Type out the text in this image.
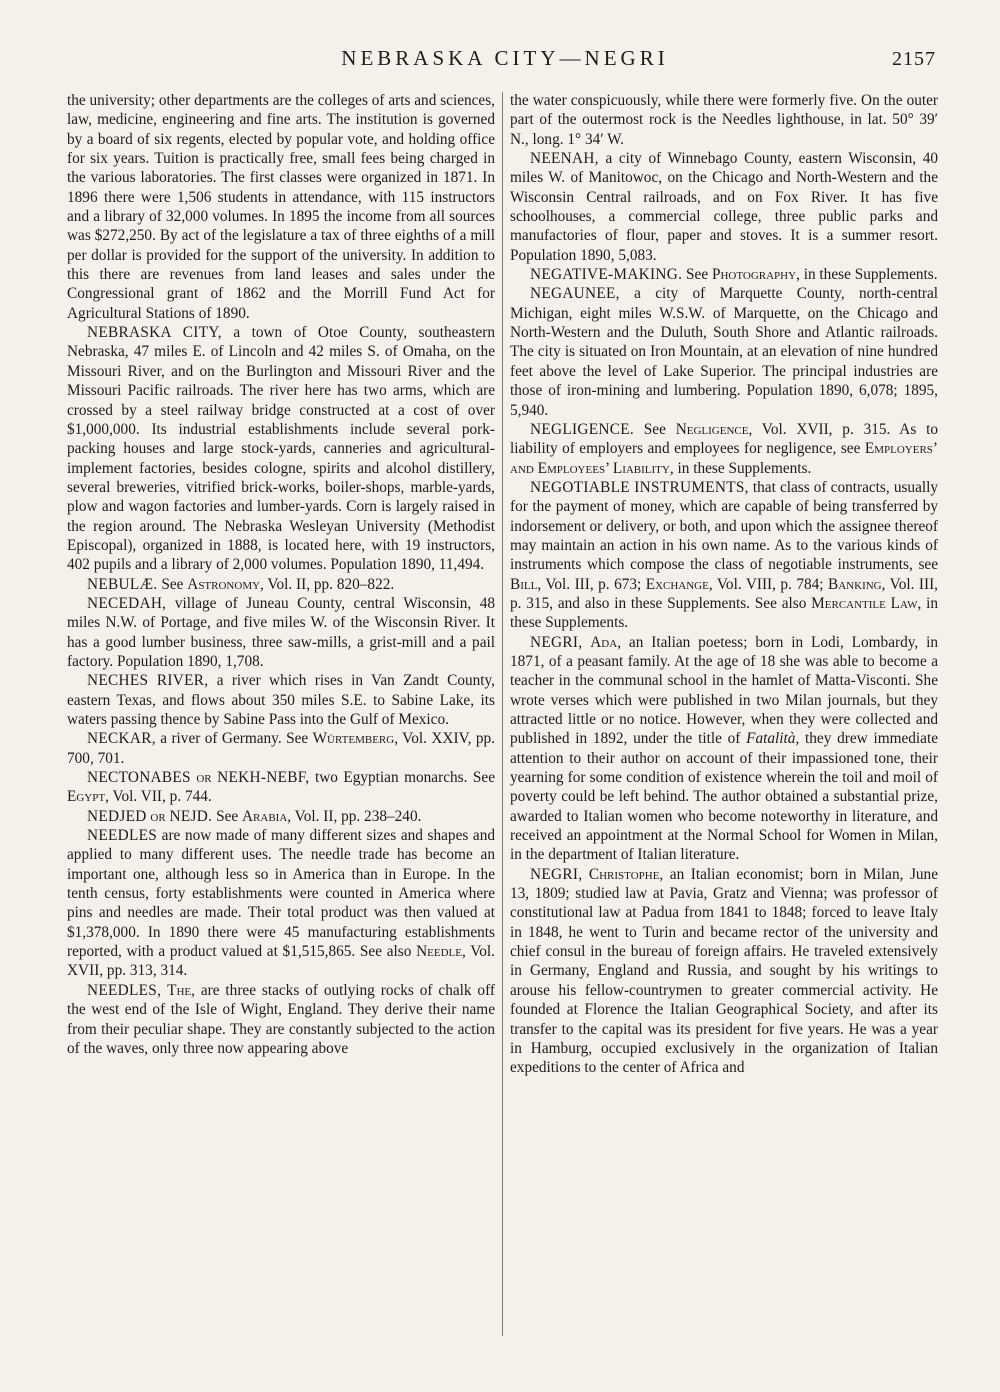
NEBRASKA CITY—NEGRI	2157

the university; other departments are the colleges of arts and sciences, law, medicine, engineering and fine arts. The institution is governed by a board of six regents, elected by popular vote, and holding office for six years. Tuition is practically free, small fees being charged in the various laboratories. The first classes were organized in 1871. In 1896 there were 1,506 students in attendance, with 115 instructors and a library of 32,000 volumes. In 1895 the income from all sources was $272,250. By act of the legislature a tax of three eighths of a mill per dollar is provided for the support of the university. In addition to this there are revenues from land leases and sales under the Congressional grant of 1862 and the Morrill Fund Act for Agricultural Stations of 1890.

NEBRASKA CITY, a town of Otoe County, southeastern Nebraska, 47 miles E. of Lincoln and 42 miles S. of Omaha, on the Missouri River, and on the Burlington and Missouri River and the Missouri Pacific railroads. The river here has two arms, which are crossed by a steel railway bridge constructed at a cost of over $1,000,000. Its industrial establishments include several pork-packing houses and large stock-yards, canneries and agricultural-implement factories, besides cologne, spirits and alcohol distillery, several breweries, vitrified brick-works, boiler-shops, marble-yards, plow and wagon factories and lumber-yards. Corn is largely raised in the region around. The Nebraska Wesleyan University (Methodist Episcopal), organized in 1888, is located here, with 19 instructors, 402 pupils and a library of 2,000 volumes. Population 1890, 11,494.

NEBULÆ. See Astronomy, Vol. II, pp. 820–822.

NECEDAH, village of Juneau County, central Wisconsin, 48 miles N.W. of Portage, and five miles W. of the Wisconsin River. It has a good lumber business, three saw-mills, a grist-mill and a pail factory. Population 1890, 1,708.

NECHES RIVER, a river which rises in Van Zandt County, eastern Texas, and flows about 350 miles S.E. to Sabine Lake, its waters passing thence by Sabine Pass into the Gulf of Mexico.

NECKAR, a river of Germany. See Würtemberg, Vol. XXIV, pp. 700, 701.

NECTONABES or NEKH-NEBF, two Egyptian monarchs. See Egypt, Vol. VII, p. 744.

NEDJED or NEJD. See Arabia, Vol. II, pp. 238–240.

NEEDLES are now made of many different sizes and shapes and applied to many different uses. The needle trade has become an important one, although less so in America than in Europe. In the tenth census, forty establishments were counted in America where pins and needles are made. Their total product was then valued at $1,378,000. In 1890 there were 45 manufacturing establishments reported, with a product valued at $1,515,865. See also Needle, Vol. XVII, pp. 313, 314.

NEEDLES, The, are three stacks of outlying rocks of chalk off the west end of the Isle of Wight, England. They derive their name from their peculiar shape. They are constantly subjected to the action of the waves, only three now appearing above

the water conspicuously, while there were formerly five. On the outer part of the outermost rock is the Needles lighthouse, in lat. 50° 39′ N., long. 1° 34′ W.

NEENAH, a city of Winnebago County, eastern Wisconsin, 40 miles W. of Manitowoc, on the Chicago and North-Western and the Wisconsin Central railroads, and on Fox River. It has five schoolhouses, a commercial college, three public parks and manufactories of flour, paper and stoves. It is a summer resort. Population 1890, 5,083.

NEGATIVE-MAKING. See Photography, in these Supplements.

NEGAUNEE, a city of Marquette County, north-central Michigan, eight miles W.S.W. of Marquette, on the Chicago and North-Western and the Duluth, South Shore and Atlantic railroads. The city is situated on Iron Mountain, at an elevation of nine hundred feet above the level of Lake Superior. The principal industries are those of iron-mining and lumbering. Population 1890, 6,078; 1895, 5,940.

NEGLIGENCE. See Negligence, Vol. XVII, p. 315. As to liability of employers and employees for negligence, see Employers’ and Employees’ Liability, in these Supplements.

NEGOTIABLE INSTRUMENTS, that class of contracts, usually for the payment of money, which are capable of being transferred by indorsement or delivery, or both, and upon which the assignee thereof may maintain an action in his own name. As to the various kinds of instruments which compose the class of negotiable instruments, see Bill, Vol. III, p. 673; Exchange, Vol. VIII, p. 784; Banking, Vol. III, p. 315, and also in these Supplements. See also Mercantile Law, in these Supplements.

NEGRI, Ada, an Italian poetess; born in Lodi, Lombardy, in 1871, of a peasant family. At the age of 18 she was able to become a teacher in the communal school in the hamlet of Matta-Visconti. She wrote verses which were published in two Milan journals, but they attracted little or no notice. However, when they were collected and published in 1892, under the title of Fatalità, they drew immediate attention to their author on account of their impassioned tone, their yearning for some condition of existence wherein the toil and moil of poverty could be left behind. The author obtained a substantial prize, awarded to Italian women who become noteworthy in literature, and received an appointment at the Normal School for Women in Milan, in the department of Italian literature.

NEGRI, Christophe, an Italian economist; born in Milan, June 13, 1809; studied law at Pavia, Gratz and Vienna; was professor of constitutional law at Padua from 1841 to 1848; forced to leave Italy in 1848, he went to Turin and became rector of the university and chief consul in the bureau of foreign affairs. He traveled extensively in Germany, England and Russia, and sought by his writings to arouse his fellow-countrymen to greater commercial activity. He founded at Florence the Italian Geographical Society, and after its transfer to the capital was its president for five years. He was a year in Hamburg, occupied exclusively in the organization of Italian expeditions to the center of Africa and
